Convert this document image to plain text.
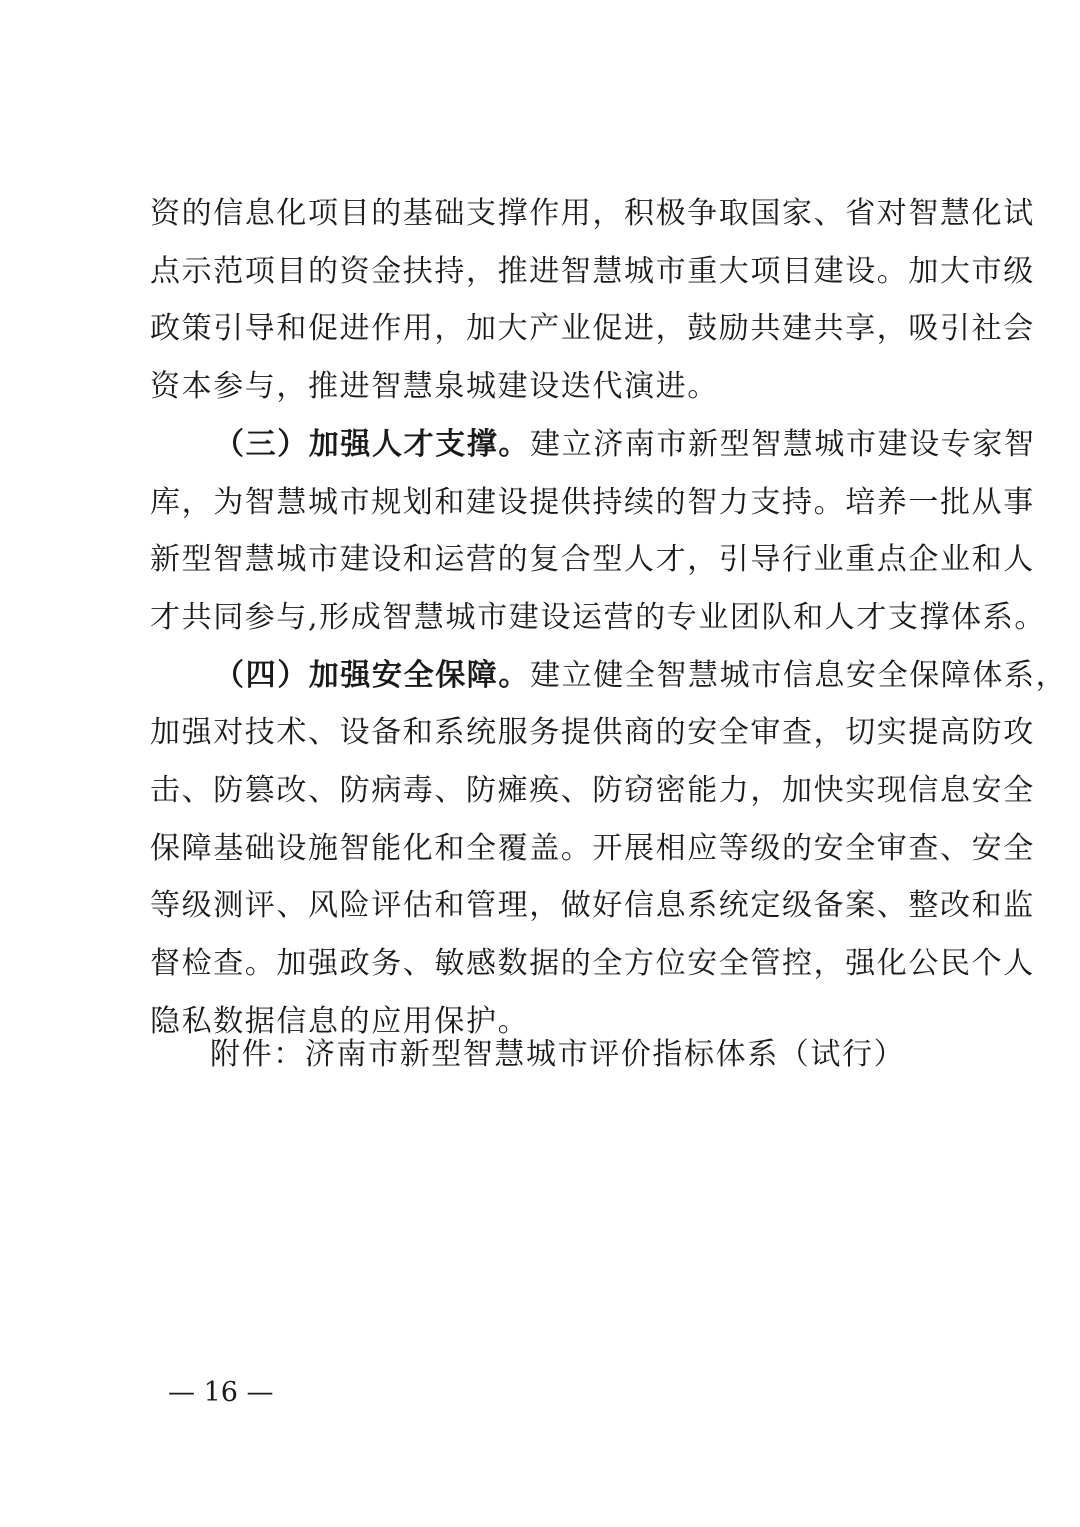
资的信息化项目的基础支撑作用，积极争取国家、省对智慧化试
点示范项目的资金扶持，推进智慧城市重大项目建设。加大市级
政策引导和促进作用，加大产业促进，鼓励共建共享，吸引社会
资本参与，推进智慧泉城建设迭代演进。
（三）加强人才支撑。建立济南市新型智慧城市建设专家智
库，为智慧城市规划和建设提供持续的智力支持。培养一批从事
新型智慧城市建设和运营的复合型人才，引导行业重点企业和人
才共同参与,形成智慧城市建设运营的专业团队和人才支撑体系。
（四）加强安全保障。建立健全智慧城市信息安全保障体系，
加强对技术、设备和系统服务提供商的安全审查，切实提高防攻
击、防篡改、防病毒、防瘫痪、防窃密能力，加快实现信息安全
保障基础设施智能化和全覆盖。开展相应等级的安全审查、安全
等级测评、风险评估和管理，做好信息系统定级备案、整改和监
督检查。加强政务、敏感数据的全方位安全管控，强化公民个人
隐私数据信息的应用保护。
附件：济南市新型智慧城市评价指标体系（试行）
— 16 —
